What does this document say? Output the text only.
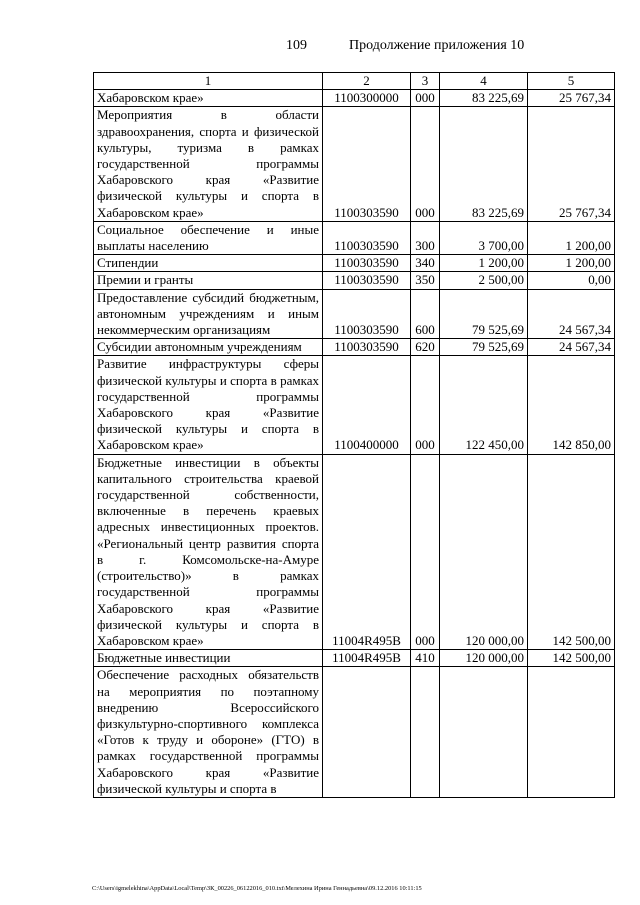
109	Продолжение приложения 10
1	2	3	4	5
Хабаровском крае»	1100300000	000	83 225,69	25 767,34
Мероприятия в области здравоохранения, спорта и физической культуры, туризма в рамках государственной программы Хабаровского края «Развитие физической культуры и спорта в Хабаровском крае»	1100303590	000	83 225,69	25 767,34
Социальное обеспечение и иные выплаты населению	1100303590	300	3 700,00	1 200,00
Стипендии	1100303590	340	1 200,00	1 200,00
Премии и гранты	1100303590	350	2 500,00	0,00
Предоставление субсидий бюджетным, автономным учреждениям и иным некоммерческим организациям	1100303590	600	79 525,69	24 567,34
Субсидии автономным учреждениям	1100303590	620	79 525,69	24 567,34
Развитие инфраструктуры сферы физической культуры и спорта в рамках государственной программы Хабаровского края «Развитие физической культуры и спорта в Хабаровском крае»	1100400000	000	122 450,00	142 850,00
Бюджетные инвестиции в объекты капитального строительства краевой государственной собственности, включенные в перечень краевых адресных инвестиционных проектов. «Региональный центр развития спорта в г. Комсомольске-на-Амуре (строительство)» в рамках государственной программы Хабаровского края «Развитие физической культуры и спорта в Хабаровском крае»	11004R495В	000	120 000,00	142 500,00
Бюджетные инвестиции	11004R495В	410	120 000,00	142 500,00
Обеспечение расходных обязательств на мероприятия по поэтапному внедрению Всероссийского физкультурно-спортивного комплекса «Готов к труду и обороне» (ГТО) в рамках государственной программы Хабаровского края «Развитие физической культуры и спорта в				
C:\Users\igmelekhina\AppData\Local\Temp\ЗК_00226_06122016_010.txt\Мелехина Ирина Геннадьевна\09.12.2016 10:11:15
